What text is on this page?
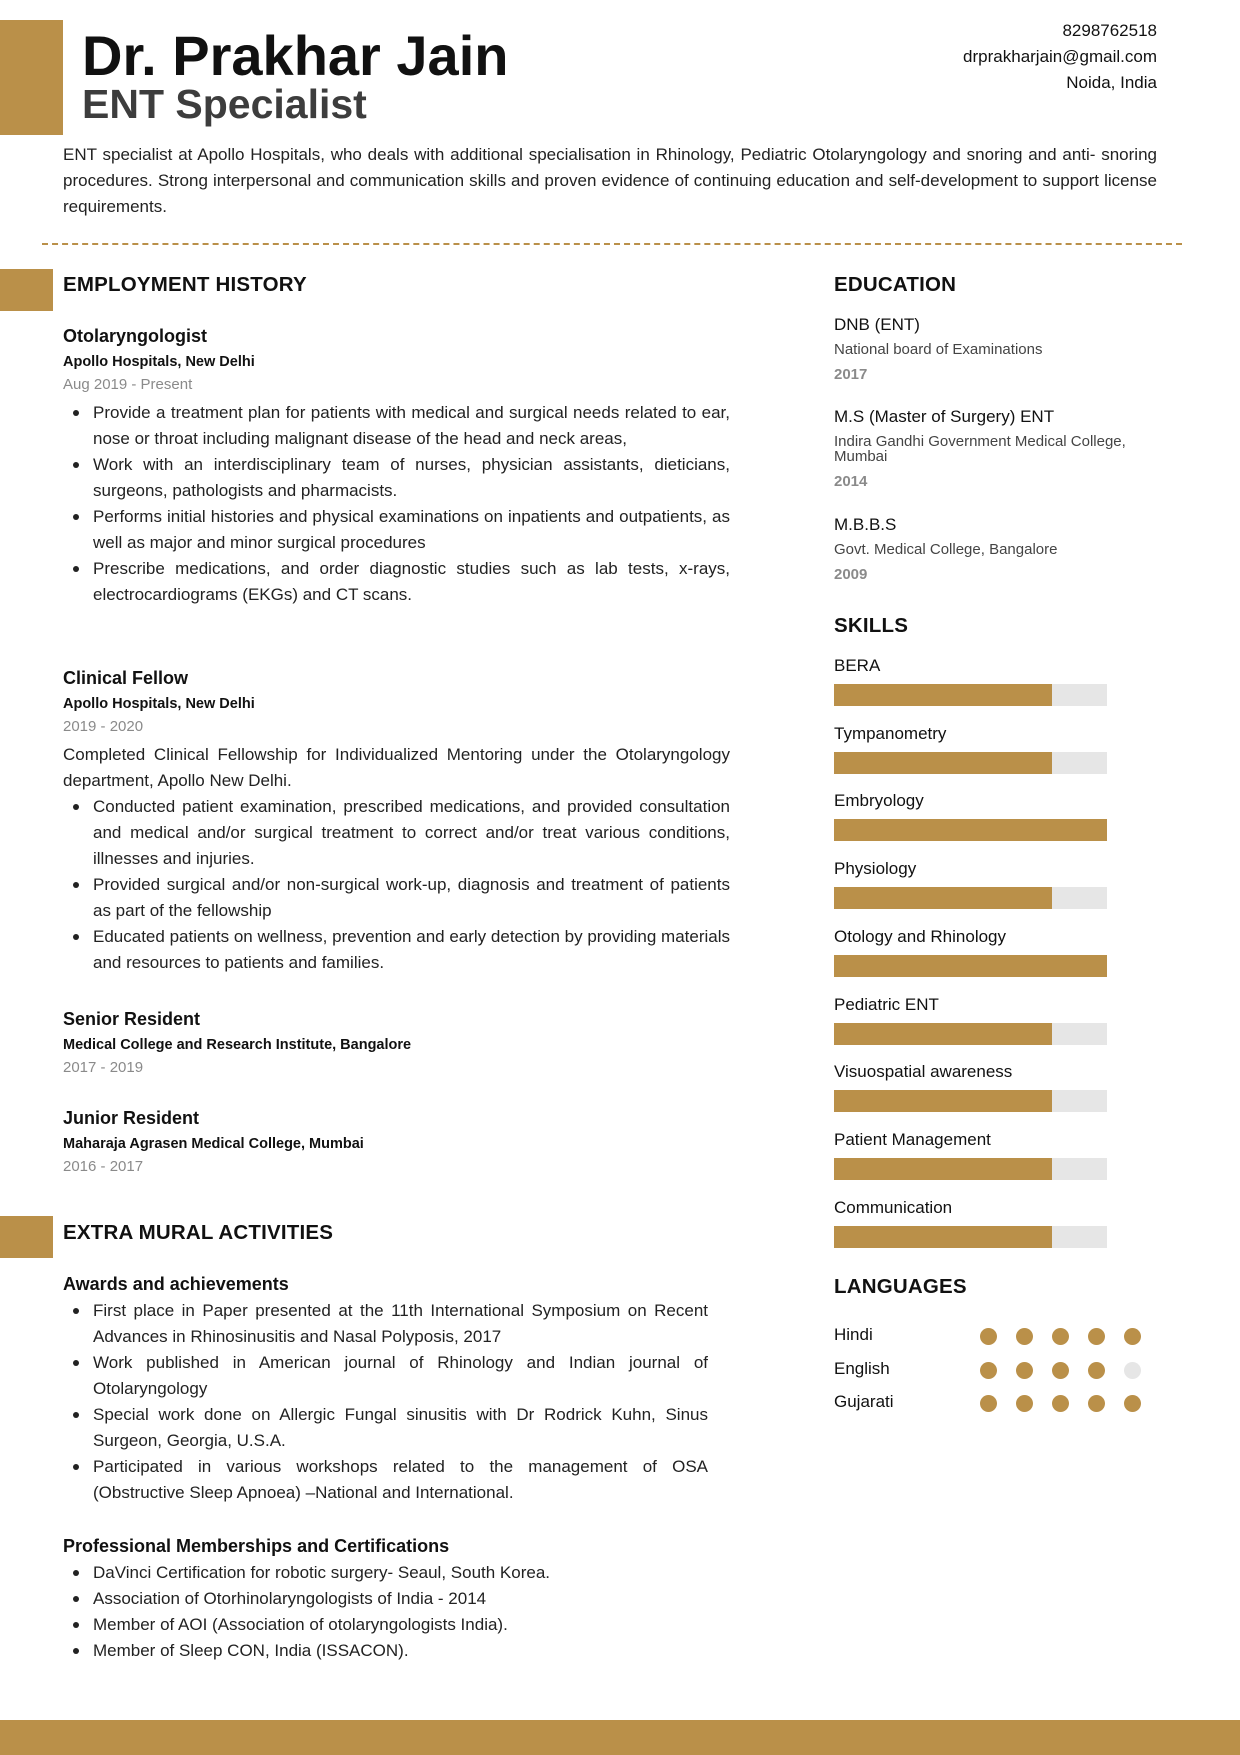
Dr. Prakhar Jain
ENT Specialist
8298762518
drprakharjain@gmail.com
Noida, India

ENT specialist at Apollo Hospitals, who deals with additional specialisation in Rhinology, Pediatric Otolaryngology and snoring and anti- snoring procedures. Strong interpersonal and communication skills and proven evidence of continuing education and self-development to support license requirements.

EMPLOYMENT HISTORY
Otolaryngologist
Apollo Hospitals, New Delhi
Aug 2019 - Present
Provide a treatment plan for patients with medical and surgical needs related to ear, nose or throat including malignant disease of the head and neck areas,
Work with an interdisciplinary team of nurses, physician assistants, dieticians, surgeons, pathologists and pharmacists.
Performs initial histories and physical examinations on inpatients and outpatients, as well as major and minor surgical procedures
Prescribe medications, and order diagnostic studies such as lab tests, x-rays, electrocardiograms (EKGs) and CT scans.
Clinical Fellow
Apollo Hospitals, New Delhi
2019 - 2020

Completed Clinical Fellowship for Individualized Mentoring under the Otolaryngology department, Apollo New Delhi.

Conducted patient examination, prescribed medications, and provided consultation and medical and/or surgical treatment to correct and/or treat various conditions, illnesses and injuries.
Provided surgical and/or non-surgical work-up, diagnosis and treatment of patients as part of the fellowship
Educated patients on wellness, prevention and early detection by providing materials and resources to patients and families.
Senior Resident
Medical College and Research Institute, Bangalore
2017 - 2019
Junior Resident
Maharaja Agrasen Medical College, Mumbai
2016 - 2017
EXTRA MURAL ACTIVITIES
Awards and achievements
First place in Paper presented at the 11th International Symposium on Recent Advances in Rhinosinusitis and Nasal Polyposis, 2017
Work published in American journal of Rhinology and Indian journal of Otolaryngology
Special work done on Allergic Fungal sinusitis with Dr Rodrick Kuhn, Sinus Surgeon, Georgia, U.S.A.
Participated in various workshops related to the management of OSA (Obstructive Sleep Apnoea) –National and International.
Professional Memberships and Certifications
DaVinci Certification for robotic surgery- Seaul, South Korea.
Association of Otorhinolaryngologists of India - 2014
Member of AOI (Association of otolaryngologists India).
Member of Sleep CON, India (ISSACON).
EDUCATION
DNB (ENT)
National board of Examinations
2017
M.S (Master of Surgery) ENT
Indira Gandhi Government Medical College, Mumbai
2014
M.B.B.S
Govt. Medical College, Bangalore
2009
SKILLS
BERA
Tympanometry
Embryology
Physiology
Otology and Rhinology
Pediatric ENT
Visuospatial awareness
Patient Management
Communication
LANGUAGES
Hindi
English
Gujarati
